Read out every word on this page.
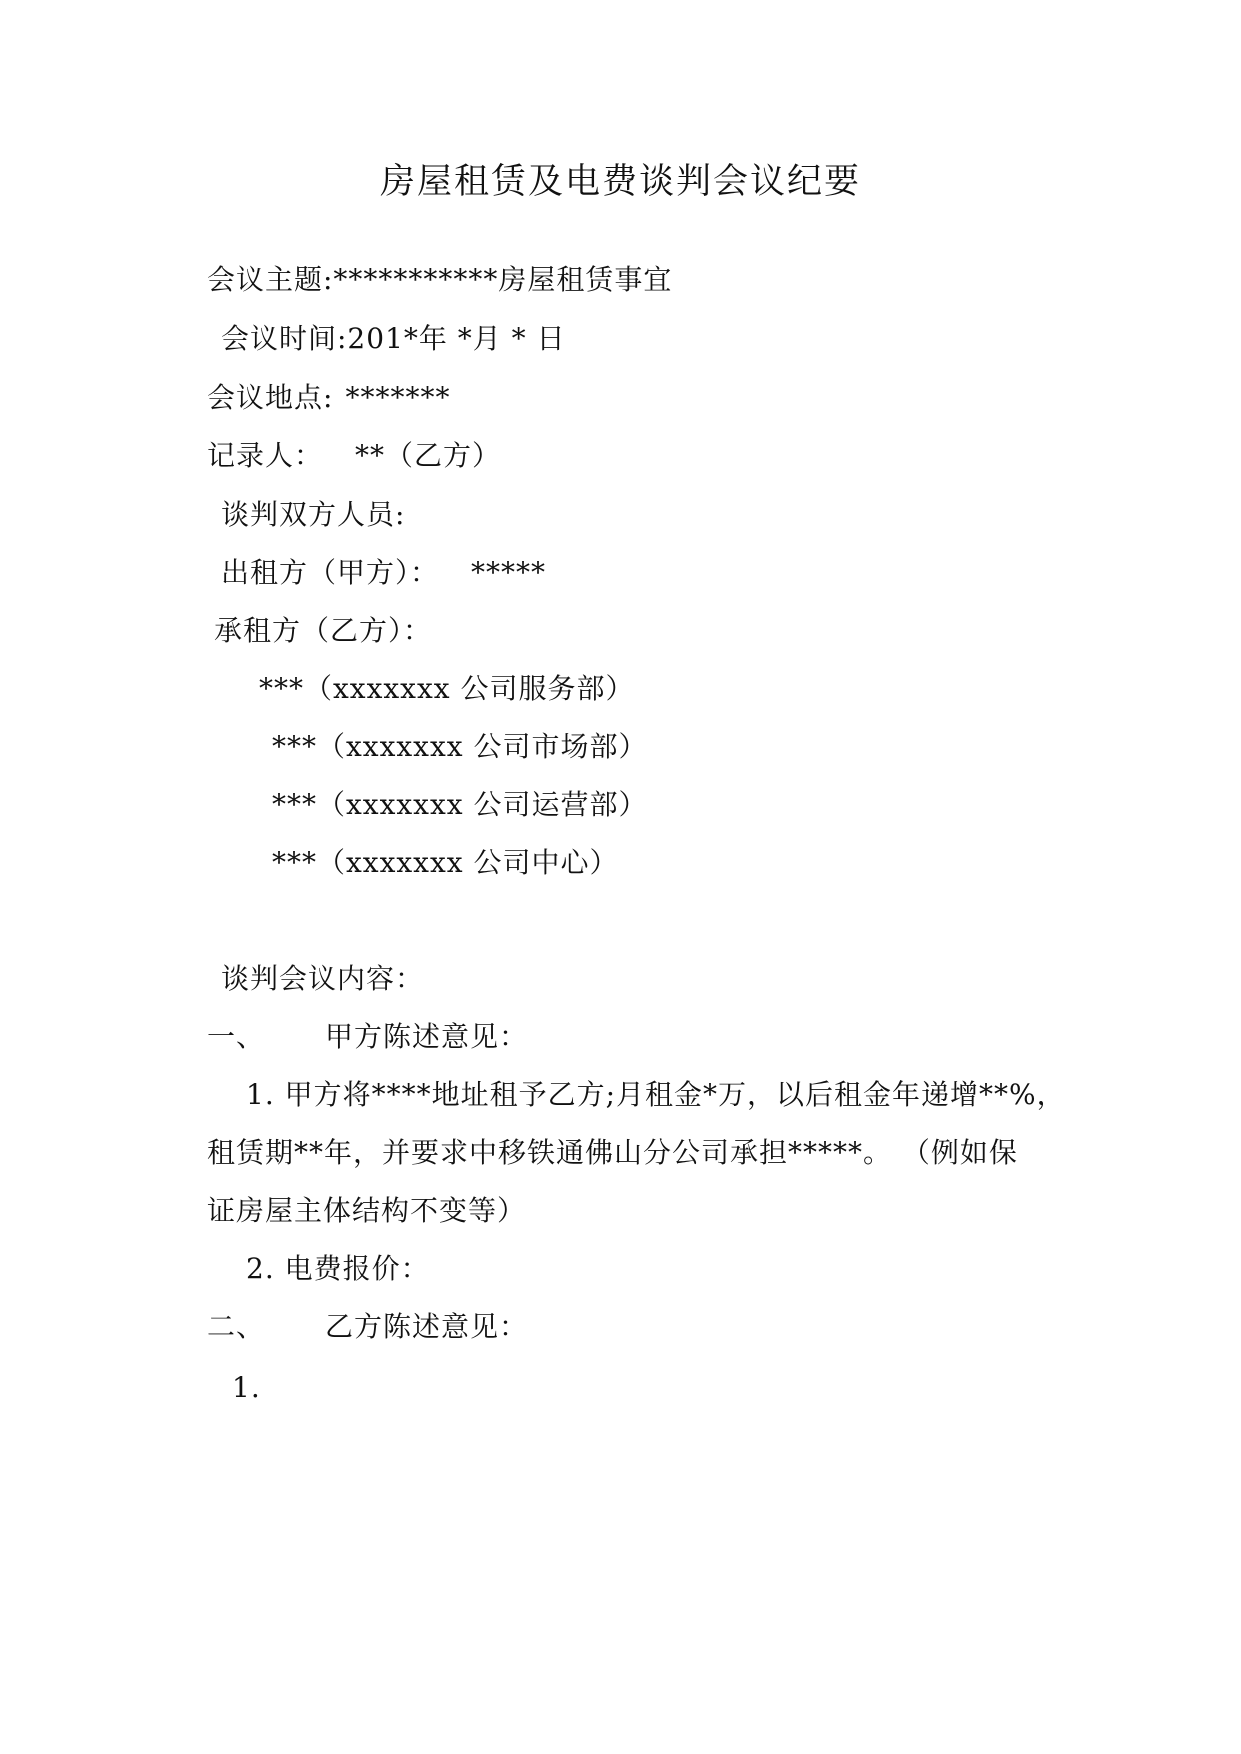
房屋租赁及电费谈判会议纪要
会议主题:***********房屋租赁事宜
会议时间:201*年 *月 * 日
会议地点: *******
记录人： **（乙方）
谈判双方人员:
出租方（甲方）： *****
承租方（乙方）：
***（xxxxxxx 公司服务部）
***（xxxxxxx 公司市场部）
***（xxxxxxx 公司运营部）
***（xxxxxxx 公司中心）
谈判会议内容：
一、 甲方陈述意见：
1. 甲方将****地址租予乙方;月租金*万，以后租金年递增**%，
租赁期**年，并要求中移铁通佛山分公司承担*****。 （例如保
证房屋主体结构不变等）
2. 电费报价：
二、 乙方陈述意见：
1.
